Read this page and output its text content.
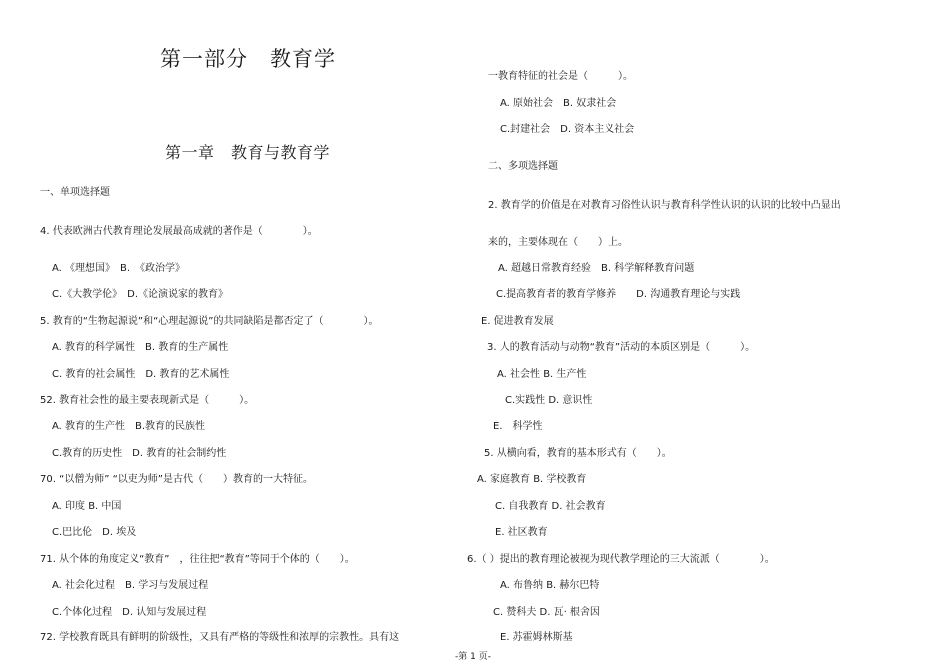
第一部分　教育学
第一章　教育与教育学
一、单项选择题
4. 代表欧洲古代教育理论发展最高成就的著作是（　　　　）。
A. 《理想国》　B.　《政治学》
C.《大教学伦》　D.《论演说家的教育》
5. 教育的“生物起源说”和“心理起源说”的共同缺陷是都否定了（　　　　）。
A. 教育的科学属性　B. 教育的生产属性
C. 教育的社会属性　D. 教育的艺术属性
52. 教育社会性的最主要表现新式是（　　　）。
A. 教育的生产性　B.教育的民族性
C.教育的历史性　D. 教育的社会制约性
70. “以僧为师” “以吏为师”是古代（　　）教育的一大特征。
A. 印度 B. 中国
C.巴比伦　D. 埃及
71. 从个体的角度定义“教育”　，往往把“教育”等同于个体的（　　）。
A. 社会化过程　B. 学习与发展过程
C.个体化过程　D. 认知与发展过程
72. 学校教育既具有鲜明的阶级性，又具有严格的等级性和浓厚的宗教性。具有这
一教育特征的社会是（　　　）。
A. 原始社会　B. 奴隶社会
C.封建社会　D. 资本主义社会
二、多项选择题
2. 教育学的价值是在对教育习俗性认识与教育科学性认识的认识的比较中凸显出
来的，主要体现在（　　）上。
A. 超越日常教育经验　B. 科学解释教育问题
C.提高教育者的教育学修养　　D. 沟通教育理论与实践
E. 促进教育发展
3. 人的教育活动与动物“教育”活动的本质区别是（　　　）。
A. 社会性 B. 生产性
C.实践性 D. 意识性
E.　科学性
5. 从横向看，教育的基本形式有（　　）。
A. 家庭教育 B. 学校教育
C. 自我教育 D. 社会教育
E. 社区教育
6.（ ）提出的教育理论被视为现代教学理论的三大流派（　　　　）。
A. 布鲁纳 B. 赫尔巴特
C. 赞科夫 D. 瓦· 根舍因
E. 苏霍姆林斯基
-第 1 页-
